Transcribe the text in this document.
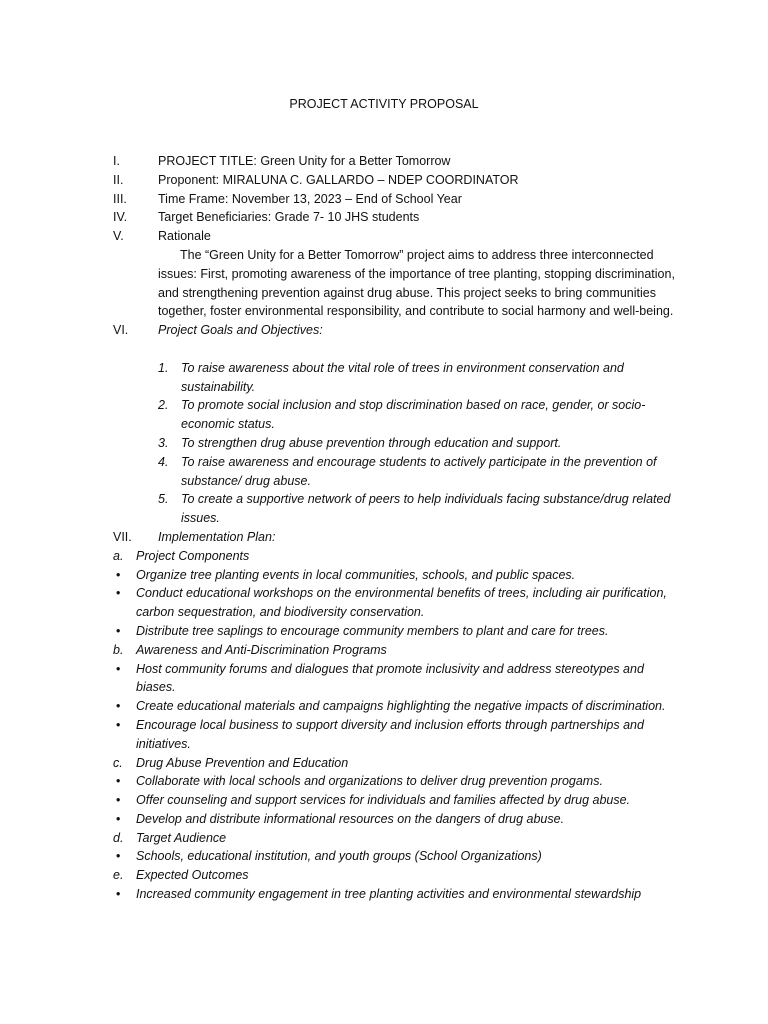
PROJECT ACTIVITY PROPOSAL
I.	PROJECT TITLE: Green Unity for a Better Tomorrow
II.	Proponent: MIRALUNA C. GALLARDO – NDEP COORDINATOR
III. Time Frame: November 13, 2023 – End of School Year
IV. Target Beneficiaries: Grade 7- 10 JHS students
V.	Rationale
The “Green Unity for a Better Tomorrow” project aims to address three interconnected issues: First, promoting awareness of the importance of tree planting, stopping discrimination, and strengthening prevention against drug abuse. This project seeks to bring communities together, foster environmental responsibility, and contribute to social harmony and well-being.
VI. Project Goals and Objectives:
1. To raise awareness about the vital role of trees in environment conservation and sustainability.
2. To promote social inclusion and stop discrimination based on race, gender, or socio-economic status.
3. To strengthen drug abuse prevention through education and support.
4. To raise awareness and encourage students to actively participate in the prevention of substance/ drug abuse.
5. To create a supportive network of peers to help individuals facing substance/drug related issues.
VII. Implementation Plan:
a. Project Components
• Organize tree planting events in local communities, schools, and public spaces.
• Conduct educational workshops on the environmental benefits of trees, including air purification, carbon sequestration, and biodiversity conservation.
• Distribute tree saplings to encourage community members to plant and care for trees.
b. Awareness and Anti-Discrimination Programs
• Host community forums and dialogues that promote inclusivity and address stereotypes and biases.
• Create educational materials and campaigns highlighting the negative impacts of discrimination.
• Encourage local business to support diversity and inclusion efforts through partnerships and initiatives.
c. Drug Abuse Prevention and Education
• Collaborate with local schools and organizations to deliver drug prevention progams.
• Offer counseling and support services for individuals and families affected by drug abuse.
• Develop and distribute informational resources on the dangers of drug abuse.
d. Target Audience
• Schools, educational institution, and youth groups (School Organizations)
e. Expected Outcomes
• Increased community engagement in tree planting activities and environmental stewardship
